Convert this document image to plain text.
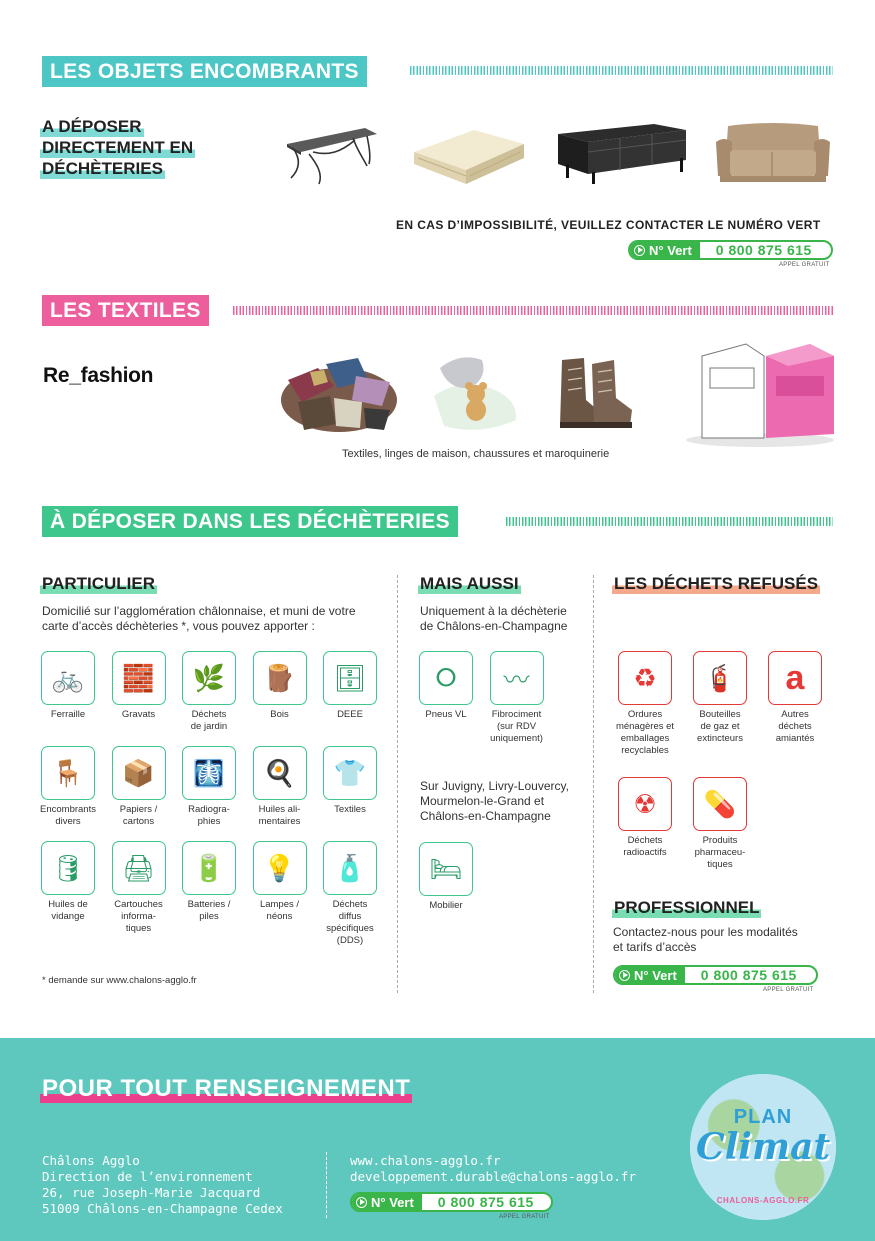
LES OBJETS ENCOMBRANTS
A DÉPOSER
DIRECTEMENT EN
DÉCHÈTERIES
EN CAS D’IMPOSSIBILITÉ, VEUILLEZ CONTACTER LE NUMÉRO VERT
N° Vert	0 800 875 615
APPEL GRATUIT
LES TEXTILES
Re_fashion
Textiles, linges de maison, chaussures et maroquinerie
À DÉPOSER DANS LES DÉCHÈTERIES
PARTICULIER
Domicilié sur l’agglomération châlonnaise, et muni de votre
carte d’accès déchèteries *, vous pouvez apporter :
🚲
Ferraille
🧱
Gravats
🌿
Déchets
de jardin
🪵
Bois
🗄
DEEE
🪑
Encombrants
divers
📦
Papiers /
cartons
🩻
Radiogra-
phies
🍳
Huiles ali-
mentaires
👕
Textiles
🛢
Huiles de
vidange
🖨
Cartouches
informa-
tiques
🔋
Batteries /
piles
💡
Lampes /
néons
🧴
Déchets
diffus
spécifiques
(DDS)
* demande sur www.chalons-agglo.fr
MAIS AUSSI
Uniquement à la déchèterie
de Châlons-en-Champagne
⭘
Pneus VL
〰
Fibrociment
(sur RDV
uniquement)
Sur Juvigny, Livry-Louvercy,
Mourmelon-le-Grand et
Châlons-en-Champagne
🛏
Mobilier
LES DÉCHETS REFUSÉS
♻
Ordures
ménagères et
emballages
recyclables
🧯
Bouteilles
de gaz et
extincteurs
a
Autres
déchets
amiantés
☢
Déchets
radioactifs
💊
Produits
pharmaceu-
tiques
PROFESSIONNEL
Contactez-nous pour les modalités
et tarifs d’accès
N° Vert	0 800 875 615
APPEL GRATUIT
POUR TOUT RENSEIGNEMENT
Châlons Agglo
Direction de l’environnement
26, rue Joseph-Marie Jacquard
51009 Châlons-en-Champagne Cedex
www.chalons-agglo.fr
developpement.durable@chalons-agglo.fr
N° Vert	0 800 875 615
APPEL GRATUIT
PLAN
Climat
CHALONS-AGGLO.FR
